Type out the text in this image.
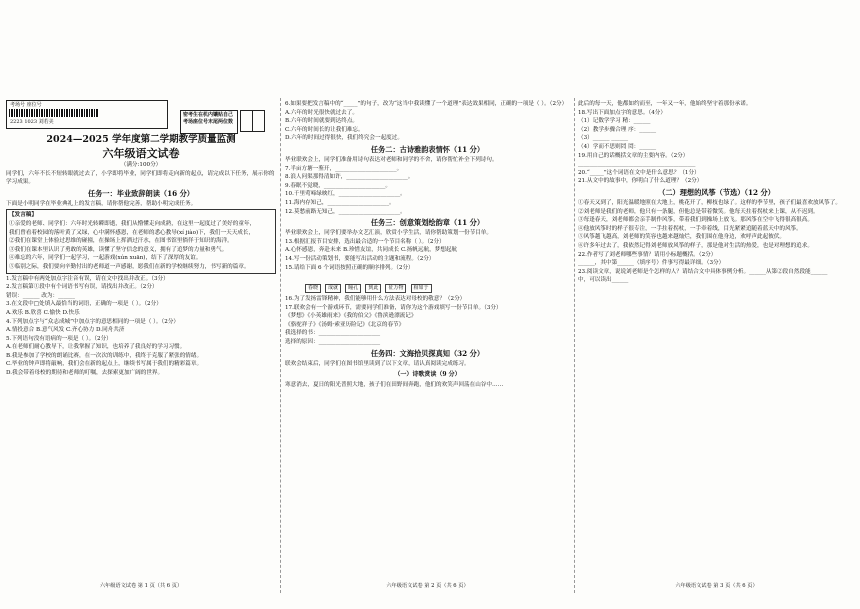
考场号 座位号
2223 1023 刘若美
密考生在机内镶贴自己考场座位号末尾两位数
2024—2025 学年度第二学期教学质量监测
六年级语文试卷

（满分:100分）

同学们，六年不长不短转眼就过去了，小学即将毕业，同学们即将走向新的起点，请完成以下任务，展示你的学习成果。

任务一：毕业致辞朗读（16 分）

下面是小明同学在毕业典礼上的发言稿，请你帮他完善，帮助小明完成任务。

【发言稿】

①亲爱的老师、同学们：六年时光转瞬即逝，我们从懵懂走向成熟，在这里一起度过了美好的童年，

我们曾看着校园的落叶黄了又绿，心中满怀感恩，在老师的悉心教导(xí jiào)下，我们一天天成长，

②我们在课堂上体验过思维的碰撞，在操场上挥洒过汗水，在图书馆里徜徉于知识的海洋。

③我们在课本里认识了勇敢的英雄，读懂了坚守信念的意义，拥有了追梦的力量和勇气。

④难忘的六年，同学们一起学习，一起游戏(xún xuān)，结下了深厚的友谊。

⑤临别之际，我们要向辛勤付出的老师道一声感谢，愿我们在新的学校继续努力，书写新的篇章。

1.发言稿中有两处加点字注音有误，请在文中找出并改正。（3分）

2.发言稿第①段中有个词语书写有误，请找出并改正。（2分）

错误：______ 改为：______

3.在文段中□处填入最恰当的词语，正确的一项是（ ）。（2分）

A.欢乐 B.欣喜 C.愉快 D.快乐

4.下列加点字与“众志成城”中加点字的意思相同的一项是（ ）。（2分）

A.情投意合 B.意气风发 C.齐心协力 D.同舟共济

5.下列语句没有语病的一项是（ ）。（2分）

A.在老师们耐心教导下，让我掌握了知识，也培养了我良好的学习习惯。

B.我是参加了学校的朗诵比赛，在一次次的训练中，我终于克服了紧张的情绪。

C.毕业的钟声即将敲响，我们会在新的起点上，继续书写属于我们的精彩篇章。

D.我会带着母校的期待和老师的叮嘱，去探索更加广阔的世界。

六年级语文试卷 第 1 页（共 6 页）

6.如果要把发言稿中的“_____”的句子，改为“这当中我读懂了一个道理”表达效果相同，正确的一项是（ ）。（2分）

A.六年的时光很快就过去了。

B.六年的时间就要到达终点。

C.六年的时间长的让我们难忘。

D.六年的时间过得很快，我们终究会一起度过。

任务二：古诗雅韵表情怀（11 分）

毕业联欢会上，同学们准备用诗句表达对老师和同学的不舍，请你帮忙补全下列诗句。

7.半亩方塘一鉴开，______________________。

8.浪人问渠那得清如许，______________________。

9.春眠不觉晓，______________________。

10.千里莺啼绿映红，______________________。

11.海内存知己，______________________。

12.莫愁前路无知己，______________________。

任务三：创意策划绘韵章（11 分）

毕业联欢会上，同学们要举办文艺汇演，欣赏小学生活，请你帮助策划一份节目单。

13.根据汇报节目安排，选出最合适的一个节目名称（ ）。（2分）

A.心怀感恩，奔赴未来 B.珍惜友谊，共同成长 C.扬帆远航，梦想起航

14.写一份活动策划书，要能写出活动的主题和流程。（2分）

15.请给下面 6 个词语按照正确的顺序排列。（2分）

春晓 成就 瞳孔 到此 征万物 相如于

16.为了发扬雷锋精神，我们能够用什么方法表达对母校的敬意？（2分）

17.联欢会有一个游戏环节，需要同学们准备，请你为这个游戏填写一份节目单。（3分）

《梦想》《小英雄雨来》《我的伯父》《鲁滨逊漂流记》

《骆驼祥子》《汤姆·索亚历险记》《北京的春节》

我选择的书：______________________

选择的原因：______________________

任务四：文海拾贝探真知（32 分）

联欢会结束后，同学们在图书馆里读到了以下文章，请认真阅读完成练习。

（一）诗歌赏读（9 分）

寒意消去，夏日的阳光普照大地，孩子们在田野间奔跑，他们的欢笑声回荡在山谷中……

六年级语文试卷 第 2 页（共 6 页）

此后的每一天，他都如约而至，一年又一年，他始终坚守着那份承诺。

18.写出下面加点字的意思。（4分）

（1）记数学学习 精：______

（2）教学步骤合理 序：______

（3）______ ______

（4）学而不思则罔 罔：______

19.用自己的话概括文章的主要内容。（2分）

__________________________________________

20.“_____”这个词语在文中是什么意思？（1分）

21.从文中的故事中，你明白了什么道理？（2分）

（二）理想的风筝（节选）（12 分）

①春天又到了，阳光温暖地照在大地上，桃花开了，柳枝也绿了。这样的季节里，孩子们最喜欢放风筝了。

②刘老师是我们的老师，他只有一条腿，但他总是带着微笑。他每天拄着拐杖来上课，从不迟到。

③每逢春天，刘老师都会亲手制作风筝，带着我们到操场上放飞。那风筝在空中飞得很高很高。

④他放风筝时的样子很专注，一手拄着拐杖，一手牵着线，目光紧紧追随着蓝天中的风筝。

⑤风筝越飞越高，刘老师的笑容也越来越灿烂，我们围在他身边，欢呼声此起彼伏。

⑥许多年过去了，我依然记得刘老师放风筝的样子，那是他对生活的热爱，也是对理想的追求。

22.作者写了刘老师哪些事情？请用小标题概括。（2分）

______，其中第______（填序号）件事写得最详细。（3分）

23.阅读文章，说说刘老师是个怎样的人？请结合文中具体事例分析。______从第②段自然段能______

中，可以读出______

六年级语文试卷 第 3 页（共 6 页）
